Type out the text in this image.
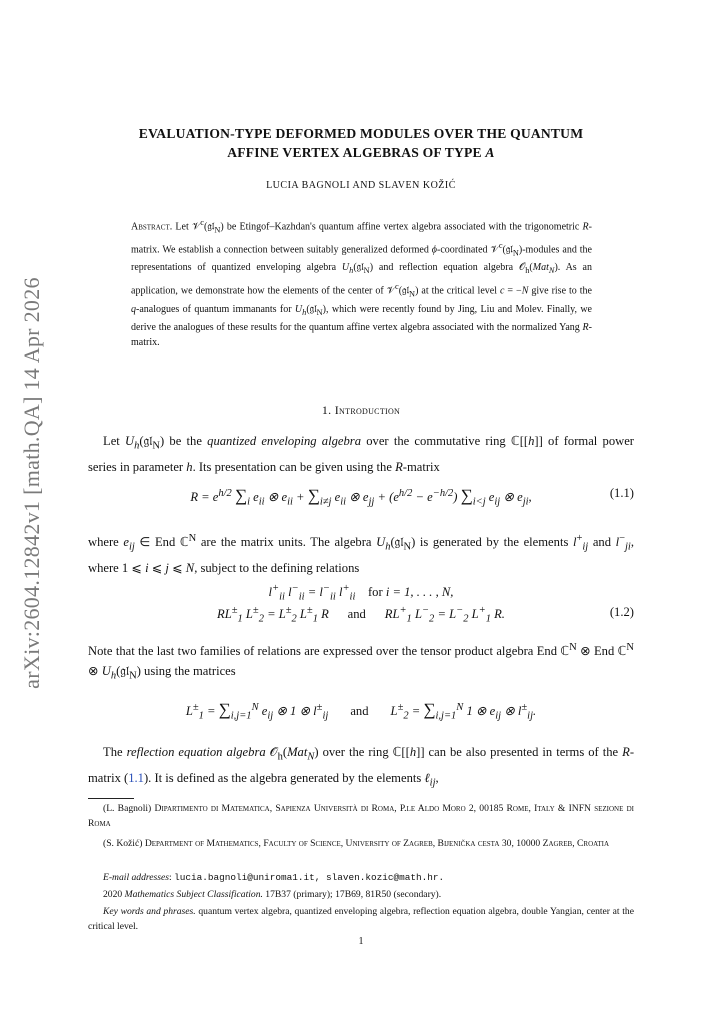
arXiv:2604.12842v1 [math.QA] 14 Apr 2026
EVALUATION-TYPE DEFORMED MODULES OVER THE QUANTUM
AFFINE VERTEX ALGEBRAS OF TYPE A
LUCIA BAGNOLI AND SLAVEN KOŽIĆ
Abstract. Let 𝒱$^c$(𝔤𝔩$_N$) be Etingof–Kazhdan's quantum affine vertex algebra associated with the trigonometric R-matrix. We establish a connection between suitably generalized deformed ϕ-coordinated 𝒱$^c$(𝔤𝔩$_N$)-modules and the representations of quantized enveloping algebra $U_h(𝔤𝔩_N)$ and reflection equation algebra 𝒪$_h$(Mat$_N$). As an application, we demonstrate how the elements of the center of 𝒱$^c$(𝔤𝔩$_N$) at the critical level c = −N give rise to the q-analogues of quantum immanants for $U_h(𝔤𝔩_N)$, which were recently found by Jing, Liu and Molev. Finally, we derive the analogues of these results for the quantum affine vertex algebra associated with the normalized Yang R-matrix.
1. Introduction
Let $U_h(𝔤𝔩_N)$ be the quantized enveloping algebra over the commutative ring ℂ[[h]] of formal power series in parameter h. Its presentation can be given using the R-matrix
$R = e^{h/2}$ $\sum_i$ $e_{ii}$ ⊗ $e_{ii} + \sum_{i\ne j}$ $e_{ii}$ ⊗ $e_{jj} + (e^{h/2} - e^{-h/2})$ $\sum_{i<j}$ $e_{ij}$ ⊗ $e_{ji}$,	(1.1)
where $e_{ij}$ ∈ End ℂ$^N$ are the matrix units. The algebra $U_h(𝔤𝔩_N)$ is generated by the elements $l^+_{ij}$ and $l^-_{ji}$, where 1 ⩽ i ⩽ j ⩽ N, subject to the defining relations
$l^+_{ii}$ $l^-_{ii} = l^-_{ii}$ $l^+_{ii}$ for i = 1, . . . , N,
$RL^\pm_1$ $L^\pm_2 = L^\pm_2$ $L^\pm_1$ R      and      $RL^+_1$ $L^-_2 = L^-_2$ $L^+_1$ R.	(1.2)
Note that the last two families of relations are expressed over the tensor product algebra End ℂ$^N$ ⊗ End ℂ$^N$ ⊗ $U_h(𝔤𝔩_N)$ using the matrices
$L^\pm_1 = \sum_{i,j=1}^N$ $e_{ij}$ ⊗ 1 ⊗ $l^\pm_{ij}$ and       $L^\pm_2 = \sum_{i,j=1}^N$ 1 ⊗ $e_{ij}$ ⊗ $l^\pm_{ij}$.
The reflection equation algebra 𝒪$_h$(Mat$_N$) over the ring ℂ[[h]] can be also presented in terms of the R-matrix (1.1). It is defined as the algebra generated by the elements ℓ$_{ij}$,
(L. Bagnoli) Dipartimento di Matematica, Sapienza Università di Roma, P.le Aldo Moro 2, 00185 Rome, Italy & INFN sezione di Roma
(S. Kožić) Department of Mathematics, Faculty of Science, University of Zagreb, Bijenička cesta 30, 10000 Zagreb, Croatia
E-mail addresses: lucia.bagnoli@uniroma1.it, slaven.kozic@math.hr.
2020 Mathematics Subject Classification. 17B37 (primary); 17B69, 81R50 (secondary).
Key words and phrases. quantum vertex algebra, quantized enveloping algebra, reflection equation algebra, double Yangian, center at the critical level.
1
